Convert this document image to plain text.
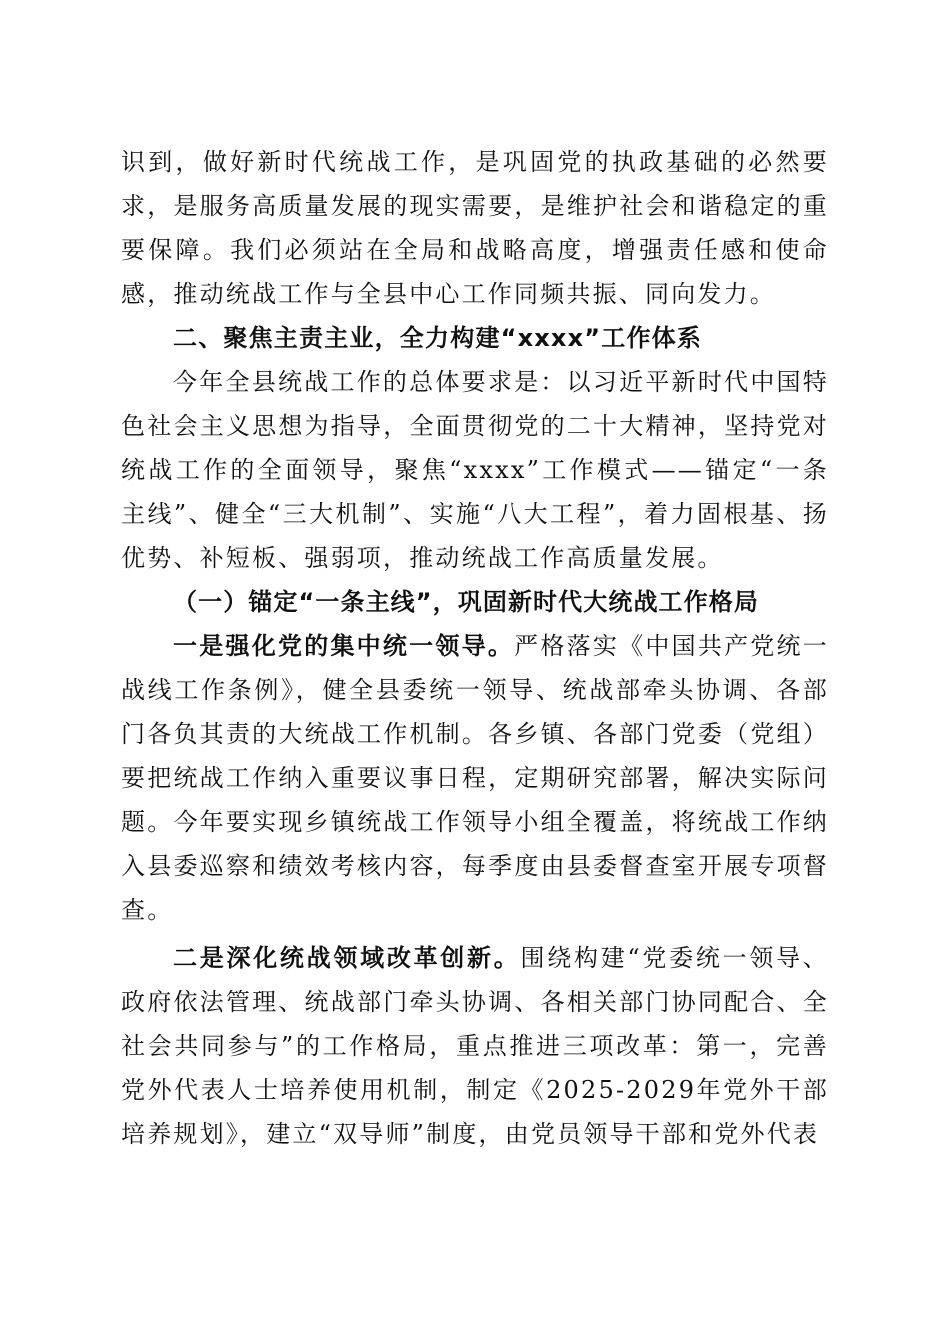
识到，做好新时代统战工作，是巩固党的执政基础的必然要求，是服务高质量发展的现实需要，是维护社会和谐稳定的重要保障。我们必须站在全局和战略高度，增强责任感和使命感，推动统战工作与全县中心工作同频共振、同向发力。

二、聚焦主责主业，全力构建“xxxx”工作体系

今年全县统战工作的总体要求是：以习近平新时代中国特色社会主义思想为指导，全面贯彻党的二十大精神，坚持党对统战工作的全面领导，聚焦“xxxx”工作模式——锚定“一条主线”、健全“三大机制”、实施“八大工程”，着力固根基、扬优势、补短板、强弱项，推动统战工作高质量发展。

（一）锚定“一条主线”，巩固新时代大统战工作格局

一是强化党的集中统一领导。严格落实《中国共产党统一战线工作条例》，健全县委统一领导、统战部牵头协调、各部门各负其责的大统战工作机制。各乡镇、各部门党委（党组）要把统战工作纳入重要议事日程，定期研究部署，解决实际问题。今年要实现乡镇统战工作领导小组全覆盖，将统战工作纳入县委巡察和绩效考核内容，每季度由县委督查室开展专项督查。

二是深化统战领域改革创新。围绕构建“党委统一领导、政府依法管理、统战部门牵头协调、各相关部门协同配合、全社会共同参与”的工作格局，重点推进三项改革：第一，完善党外代表人士培养使用机制，制定《2025-2029年党外干部培养规划》，建立“双导师”制度，由党员领导干部和党外代表
